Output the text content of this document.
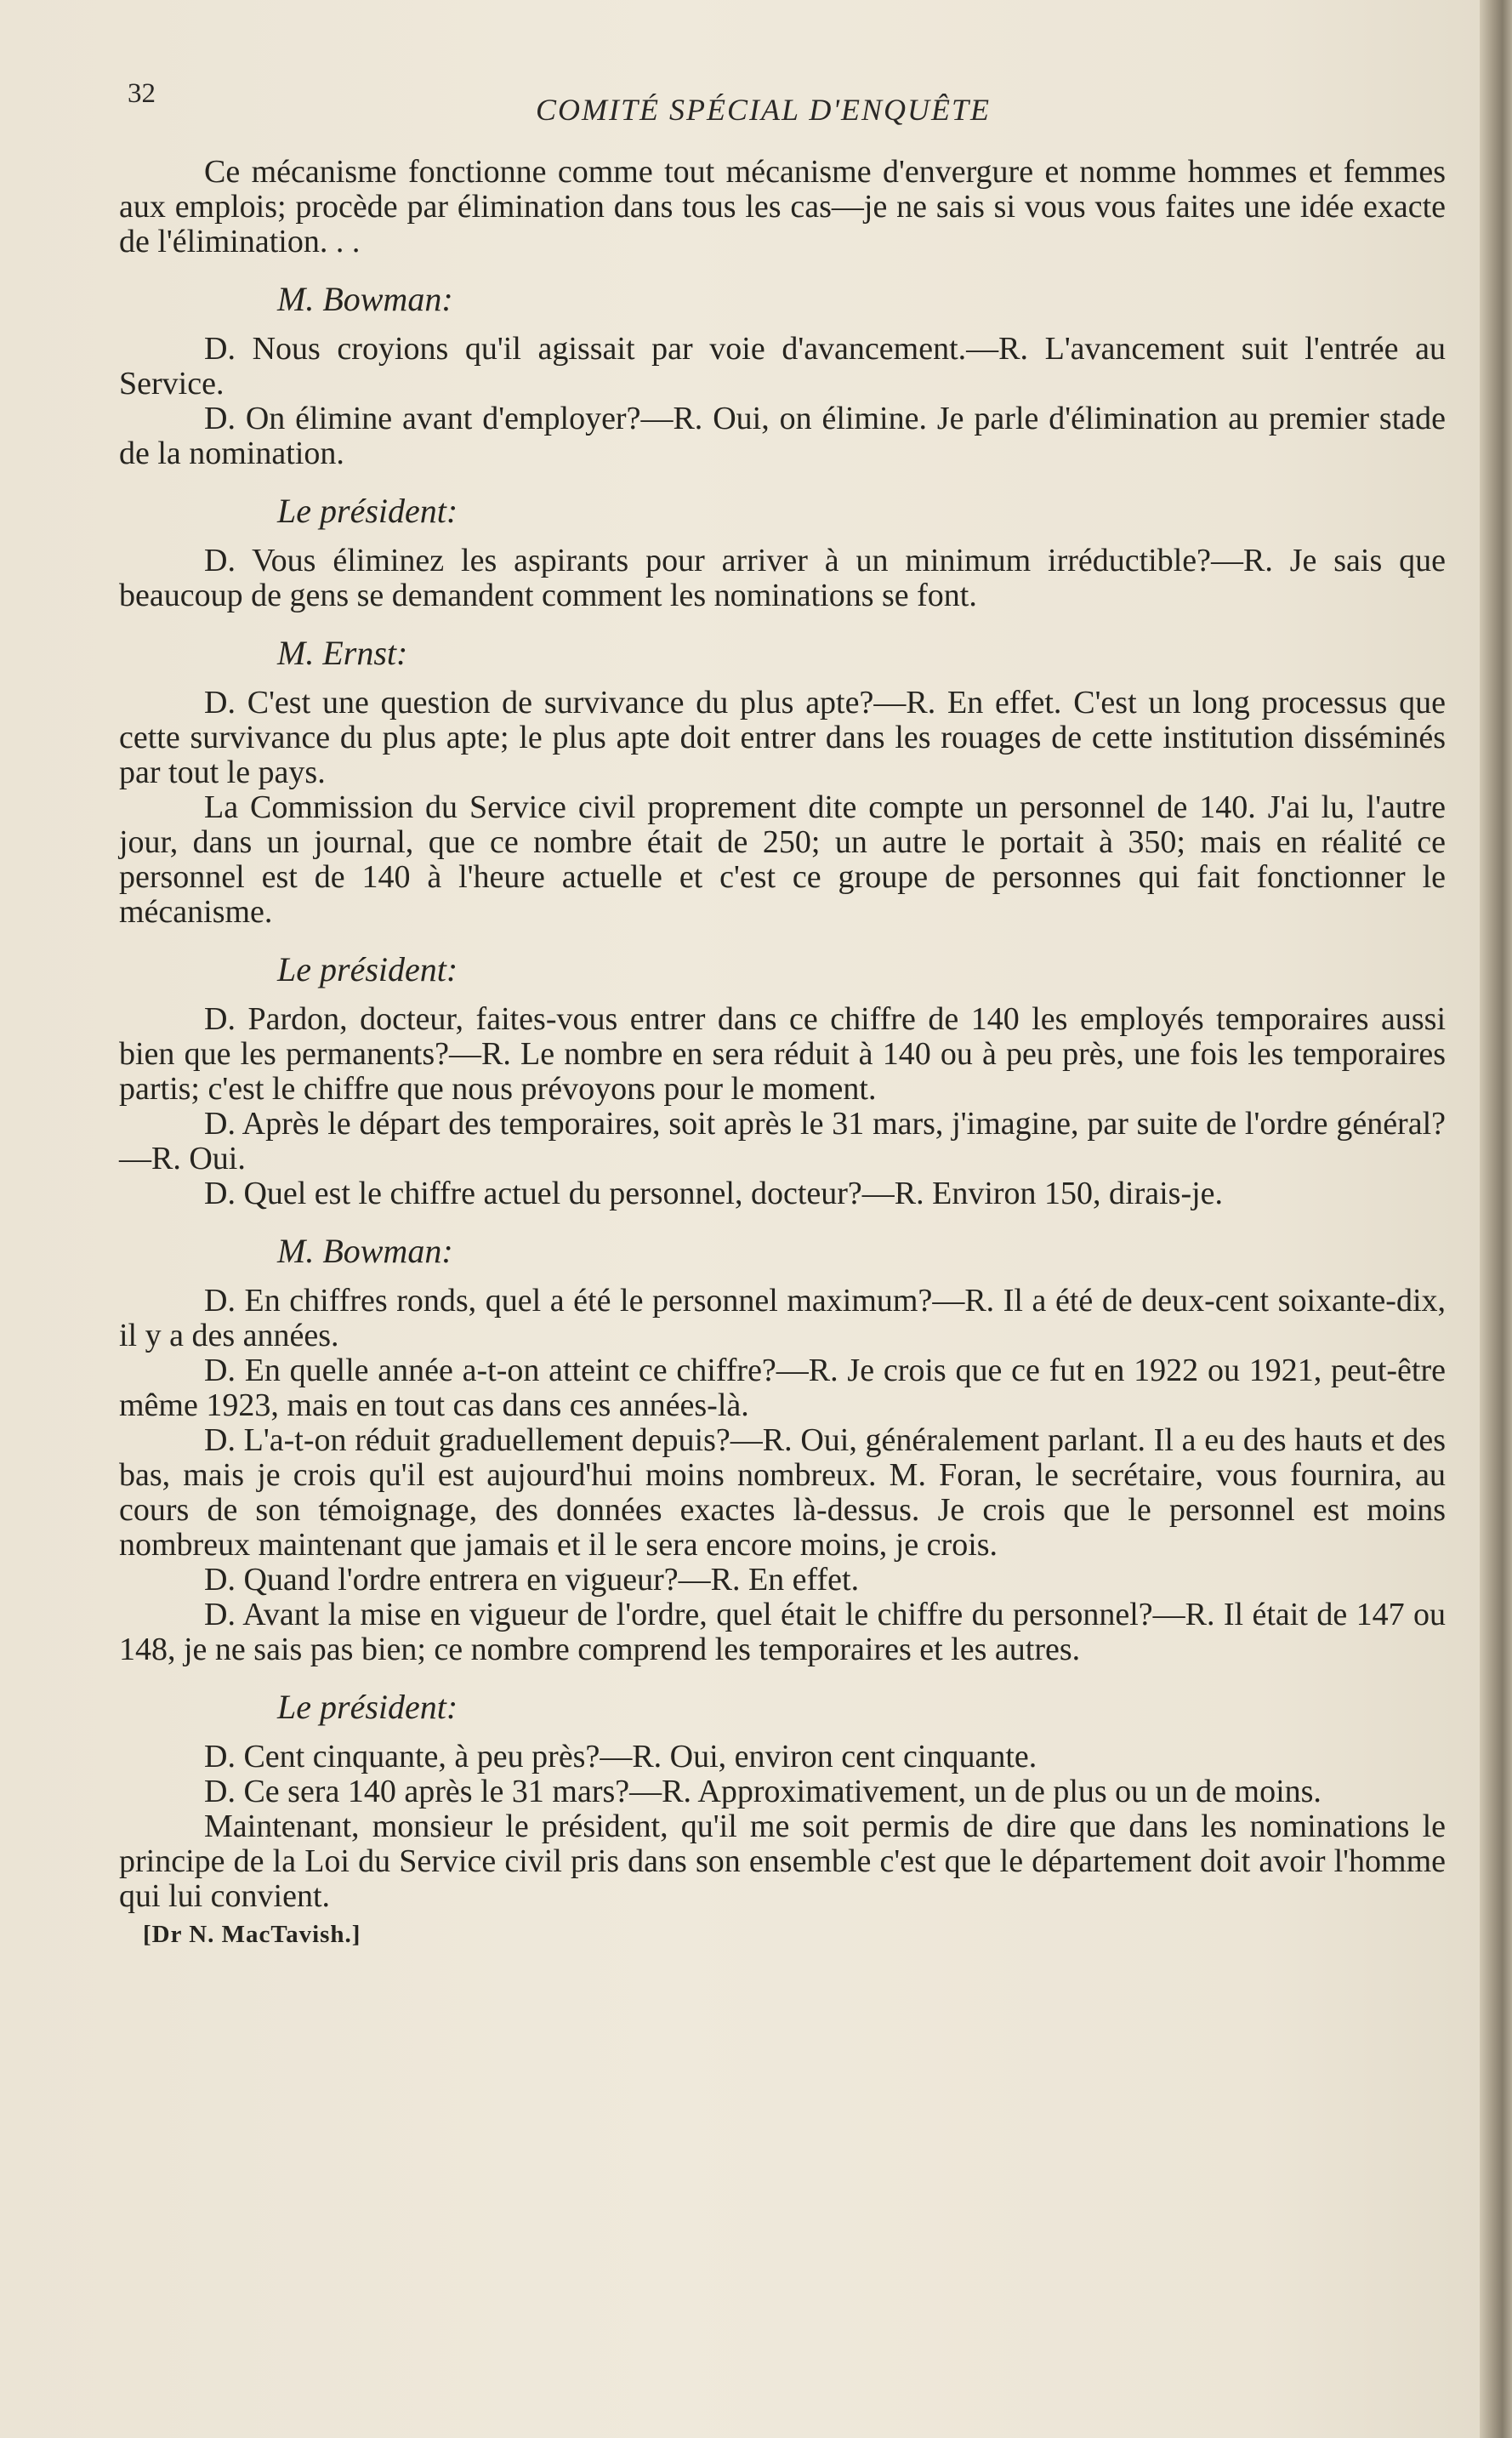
32	COMITÉ SPÉCIAL D'ENQUÊTE
Ce mécanisme fonctionne comme tout mécanisme d'envergure et nomme hommes et femmes aux emplois; procède par élimination dans tous les cas—je ne sais si vous vous faites une idée exacte de l'élimination. . .
M. Bowman:
D. Nous croyions qu'il agissait par voie d'avancement.—R. L'avancement suit l'entrée au Service.
D. On élimine avant d'employer?—R. Oui, on élimine. Je parle d'élimination au premier stade de la nomination.
Le président:
D. Vous éliminez les aspirants pour arriver à un minimum irréductible?—R. Je sais que beaucoup de gens se demandent comment les nominations se font.
M. Ernst:
D. C'est une question de survivance du plus apte?—R. En effet. C'est un long processus que cette survivance du plus apte; le plus apte doit entrer dans les rouages de cette institution disséminés par tout le pays.
La Commission du Service civil proprement dite compte un personnel de 140. J'ai lu, l'autre jour, dans un journal, que ce nombre était de 250; un autre le portait à 350; mais en réalité ce personnel est de 140 à l'heure actuelle et c'est ce groupe de personnes qui fait fonctionner le mécanisme.
Le président:
D. Pardon, docteur, faites-vous entrer dans ce chiffre de 140 les employés temporaires aussi bien que les permanents?—R. Le nombre en sera réduit à 140 ou à peu près, une fois les temporaires partis; c'est le chiffre que nous prévoyons pour le moment.
D. Après le départ des temporaires, soit après le 31 mars, j'imagine, par suite de l'ordre général?—R. Oui.
D. Quel est le chiffre actuel du personnel, docteur?—R. Environ 150, dirais-je.
M. Bowman:
D. En chiffres ronds, quel a été le personnel maximum?—R. Il a été de deux-cent soixante-dix, il y a des années.
D. En quelle année a-t-on atteint ce chiffre?—R. Je crois que ce fut en 1922 ou 1921, peut-être même 1923, mais en tout cas dans ces années-là.
D. L'a-t-on réduit graduellement depuis?—R. Oui, généralement parlant. Il a eu des hauts et des bas, mais je crois qu'il est aujourd'hui moins nombreux. M. Foran, le secrétaire, vous fournira, au cours de son témoignage, des données exactes là-dessus. Je crois que le personnel est moins nombreux maintenant que jamais et il le sera encore moins, je crois.
D. Quand l'ordre entrera en vigueur?—R. En effet.
D. Avant la mise en vigueur de l'ordre, quel était le chiffre du personnel?—R. Il était de 147 ou 148, je ne sais pas bien; ce nombre comprend les temporaires et les autres.
Le président:
D. Cent cinquante, à peu près?—R. Oui, environ cent cinquante.
D. Ce sera 140 après le 31 mars?—R. Approximativement, un de plus ou un de moins.
Maintenant, monsieur le président, qu'il me soit permis de dire que dans les nominations le principe de la Loi du Service civil pris dans son ensemble c'est que le département doit avoir l'homme qui lui convient.
[Dr N. MacTavish.]
